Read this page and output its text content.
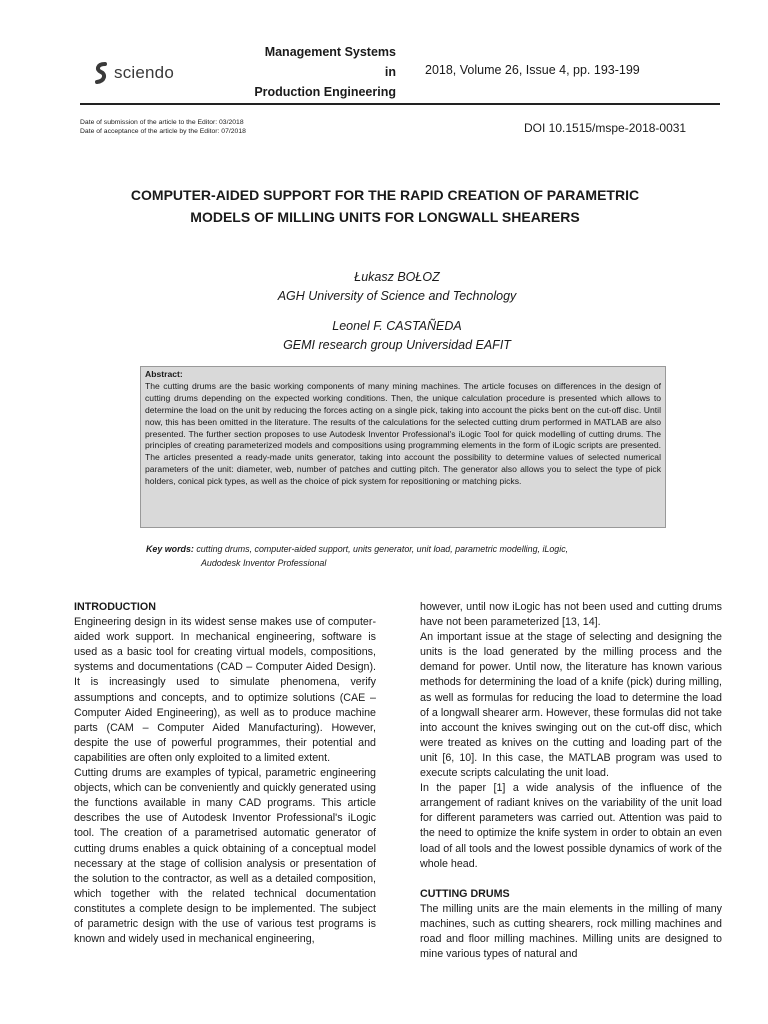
sciendo
Management Systems
in
Production Engineering
2018, Volume 26, Issue 4, pp. 193-199
Date of submission of the article to the Editor: 03/2018
Date of acceptance of the article by the Editor: 07/2018	DOI 10.1515/mspe-2018-0031
COMPUTER-AIDED SUPPORT FOR THE RAPID CREATION OF PARAMETRIC
MODELS OF MILLING UNITS FOR LONGWALL SHEARERS
Łukasz BOŁOZ
AGH University of Science and Technology
Leonel F. CASTAÑEDA
GEMI research group Universidad EAFIT
Abstract:
The cutting drums are the basic working components of many mining machines. The article focuses on differences in the design of cutting drums depending on the expected working conditions. Then, the unique calculation procedure is presented which allows to determine the load on the unit by reducing the forces acting on a single pick, taking into account the picks bent on the cut-off disc. Until now, this has been omitted in the literature. The results of the calculations for the selected cutting drum performed in MATLAB are also presented. The further section proposes to use Autodesk Inventor Professional's iLogic Tool for quick modelling of cutting drums. The principles of creating parameterized models and compositions using programming elements in the form of iLogic scripts are presented. The articles presented a ready-made units generator, taking into account the possibility to determine values of selected numerical parameters of the unit: diameter, web, number of patches and cutting pitch. The generator also allows you to select the type of pick holders, conical pick types, as well as the choice of pick system for repositioning or matching picks.
Key words: cutting drums, computer-aided support, units generator, unit load, parametric modelling, iLogic,
Audodesk Inventor Professional

INTRODUCTION

Engineering design in its widest sense makes use of computer-aided work support. In mechanical engineering, software is used as a basic tool for creating virtual models, compositions, systems and documentations (CAD – Computer Aided Design). It is increasingly used to simulate phenomena, verify assumptions and concepts, and to optimize solutions (CAE – Computer Aided Engineering), as well as to produce machine parts (CAM – Computer Aided Manufacturing). However, despite the use of powerful programmes, their potential and capabilities are often only exploited to a limited extent.

Cutting drums are examples of typical, parametric engineering objects, which can be conveniently and quickly generated using the functions available in many CAD programs. This article describes the use of Autodesk Inventor Professional's iLogic tool. The creation of a parametrised automatic generator of cutting drums enables a quick obtaining of a conceptual model necessary at the stage of collision analysis or presentation of the solution to the contractor, as well as a detailed composition, which together with the related technical documentation constitutes a complete design to be implemented. The subject of parametric design with the use of various test programs is known and widely used in mechanical engineering,

however, until now iLogic has not been used and cutting drums have not been parameterized [13, 14].

An important issue at the stage of selecting and designing the units is the load generated by the milling process and the demand for power. Until now, the literature has known various methods for determining the load of a knife (pick) during milling, as well as formulas for reducing the load to determine the load of a longwall shearer arm. However, these formulas did not take into account the knives swinging out on the cut-off disc, which were treated as knives on the cutting and loading part of the unit [6, 10]. In this case, the MATLAB program was used to execute scripts calculating the unit load.

In the paper [1] a wide analysis of the influence of the arrangement of radiant knives on the variability of the unit load for different parameters was carried out. Attention was paid to the need to optimize the knife system in order to obtain an even load of all tools and the lowest possible dynamics of work of the whole head.

CUTTING DRUMS

The milling units are the main elements in the milling of many machines, such as cutting shearers, rock milling machines and road and floor milling machines. Milling units are designed to mine various types of natural and
